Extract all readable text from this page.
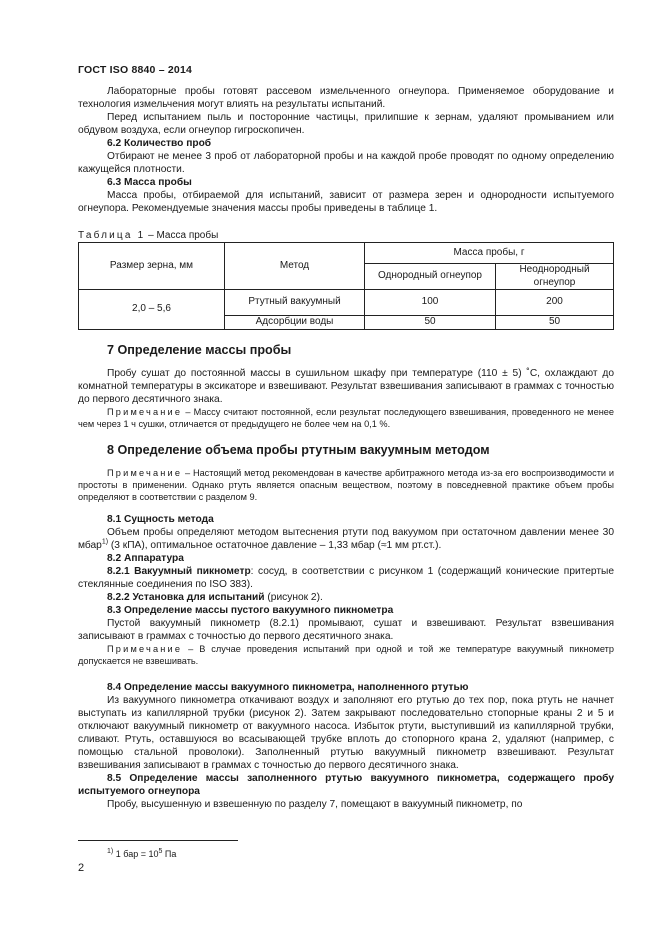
ГОСТ ISO 8840 – 2014

Лабораторные пробы готовят рассевом измельченного огнеупора. Применяемое оборудование и технология измельчения могут влиять на результаты испытаний.

Перед испытанием пыль и посторонние частицы, прилипшие к зернам, удаляют промыванием или обдувом воздуха, если огнеупор гигроскопичен.

6.2 Количество проб

Отбирают не менее 3 проб от лабораторной пробы и на каждой пробе проводят по одному определению кажущейся плотности.

6.3 Масса пробы

Масса пробы, отбираемой для испытаний, зависит от размера зерен и однородности испытуемого огнеупора. Рекомендуемые значения массы пробы приведены в таблице 1.

Таблица 1 – Масса пробы
Размер зерна, мм	Метод	Масса пробы, г	
		Однородный огнеупор	Неоднородный огнеупор
2,0 – 5,6	Ртутный вакуумный	100	200
	Адсорбции воды	50	50

7 Определение массы пробы

Пробу сушат до постоянной массы в сушильном шкафу при температуре (110 ± 5) ˚С, охлаждают до комнатной температуры в эксикаторе и взвешивают. Результат взвешивания записывают в граммах с точностью до первого десятичного знака.

Примечание – Массу считают постоянной, если результат последующего взвешивания, проведенного не менее чем через 1 ч сушки, отличается от предыдущего не более чем на 0,1 %.

8 Определение объема пробы ртутным вакуумным методом

Примечание – Настоящий метод рекомендован в качестве арбитражного метода из-за его воспроизводимости и простоты в применении. Однако ртуть является опасным веществом, поэтому в повседневной практике объем пробы определяют в соответствии с разделом 9.

8.1 Сущность метода

Объем пробы определяют методом вытеснения ртути под вакуумом при остаточном давлении менее 30 мбар$^{1)}$ (3 кПА), оптимальное остаточное давление – 1,33 мбар (≈1 мм рт.ст.).

8.2 Аппаратура

8.2.1 Вакуумный пикнометр: сосуд, в соответствии с рисунком 1 (содержащий конические притертые стеклянные соединения по ISO 383).

8.2.2 Установка для испытаний (рисунок 2).

8.3 Определение массы пустого вакуумного пикнометра

Пустой вакуумный пикнометр (8.2.1) промывают, сушат и взвешивают. Результат взвешивания записывают в граммах с точностью до первого десятичного знака.

Примечание – В случае проведения испытаний при одной и той же температуре вакуумный пикнометр допускается не взвешивать.

8.4 Определение массы вакуумного пикнометра, наполненного ртутью

Из вакуумного пикнометра откачивают воздух и заполняют его ртутью до тех пор, пока ртуть не начнет выступать из капиллярной трубки (рисунок 2). Затем закрывают последовательно стопорные краны 2 и 5 и отключают вакуумный пикнометр от вакуумного насоса. Избыток ртути, выступивший из капиллярной трубки, сливают. Ртуть, оставшуюся во всасывающей трубке вплоть до стопорного крана 2, удаляют (например, с помощью стальной проволоки). Заполненный ртутью вакуумный пикнометр взвешивают. Результат взвешивания записывают в граммах с точностью до первого десятичного знака.

8.5 Определение массы заполненного ртутью вакуумного пикнометра, содержащего пробу испытуемого огнеупора

Пробу, высушенную и взвешенную по разделу 7, помещают в вакуумный пикнометр, по

$^{1)}$ 1 бар = $10^5$ Па
2
